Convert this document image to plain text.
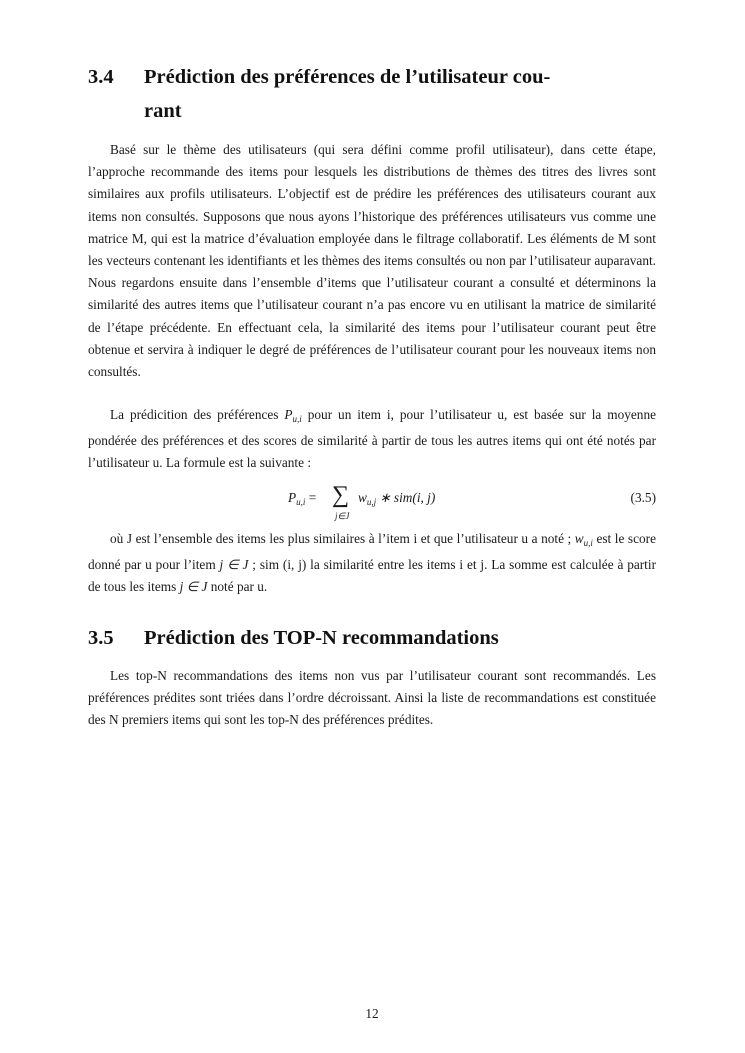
3.4 Prédiction des préférences de l’utilisateur cou-
rant

Basé sur le thème des utilisateurs (qui sera défini comme profil utilisateur), dans cette étape, l’approche recommande des items pour lesquels les distributions de thèmes des titres des livres sont similaires aux profils utilisateurs. L’objectif est de prédire les préférences des utilisateurs courant aux items non consultés. Supposons que nous ayons l’historique des préférences utilisateurs vus comme une matrice M, qui est la matrice d’évaluation employée dans le filtrage collaboratif. Les éléments de M sont les vecteurs contenant les identifiants et les thèmes des items consultés ou non par l’utilisateur auparavant. Nous regardons ensuite dans l’ensemble d’items que l’utilisateur courant a consulté et déterminons la similarité des autres items que l’utilisateur courant n’a pas encore vu en utilisant la matrice de similarité de l’étape précédente. En effectuant cela, la similarité des items pour l’utilisateur courant peut être obtenue et servira à indiquer le degré de préférences de l’utilisateur courant pour les nouveaux items non consultés.

La prédicition des préférences $P_{u,i}$ pour un item i, pour l’utilisateur u, est basée sur la moyenne pondérée des préférences et des scores de similarité à partir de tous les autres items qui ont été notés par l’utilisateur u. La formule est la suivante :

$P_{u,i}$ = ∑
j∈J
$w_{u,j}$ ∗ sim(i, j)	(3.5)

où J est l’ensemble des items les plus similaires à l’item i et que l’utilisateur u a noté ; $w_{u,i}$ est le score donné par u pour l’item j ∈ J ; sim (i, j) la similarité entre les items i et j. La somme est calculée à partir de tous les items j ∈ J noté par u.

3.5 Prédiction des TOP-N recommandations

Les top-N recommandations des items non vus par l’utilisateur courant sont recommandés. Les préférences prédites sont triées dans l’ordre décroissant. Ainsi la liste de recommandations est constituée des N premiers items qui sont les top-N des préférences prédites.

12
